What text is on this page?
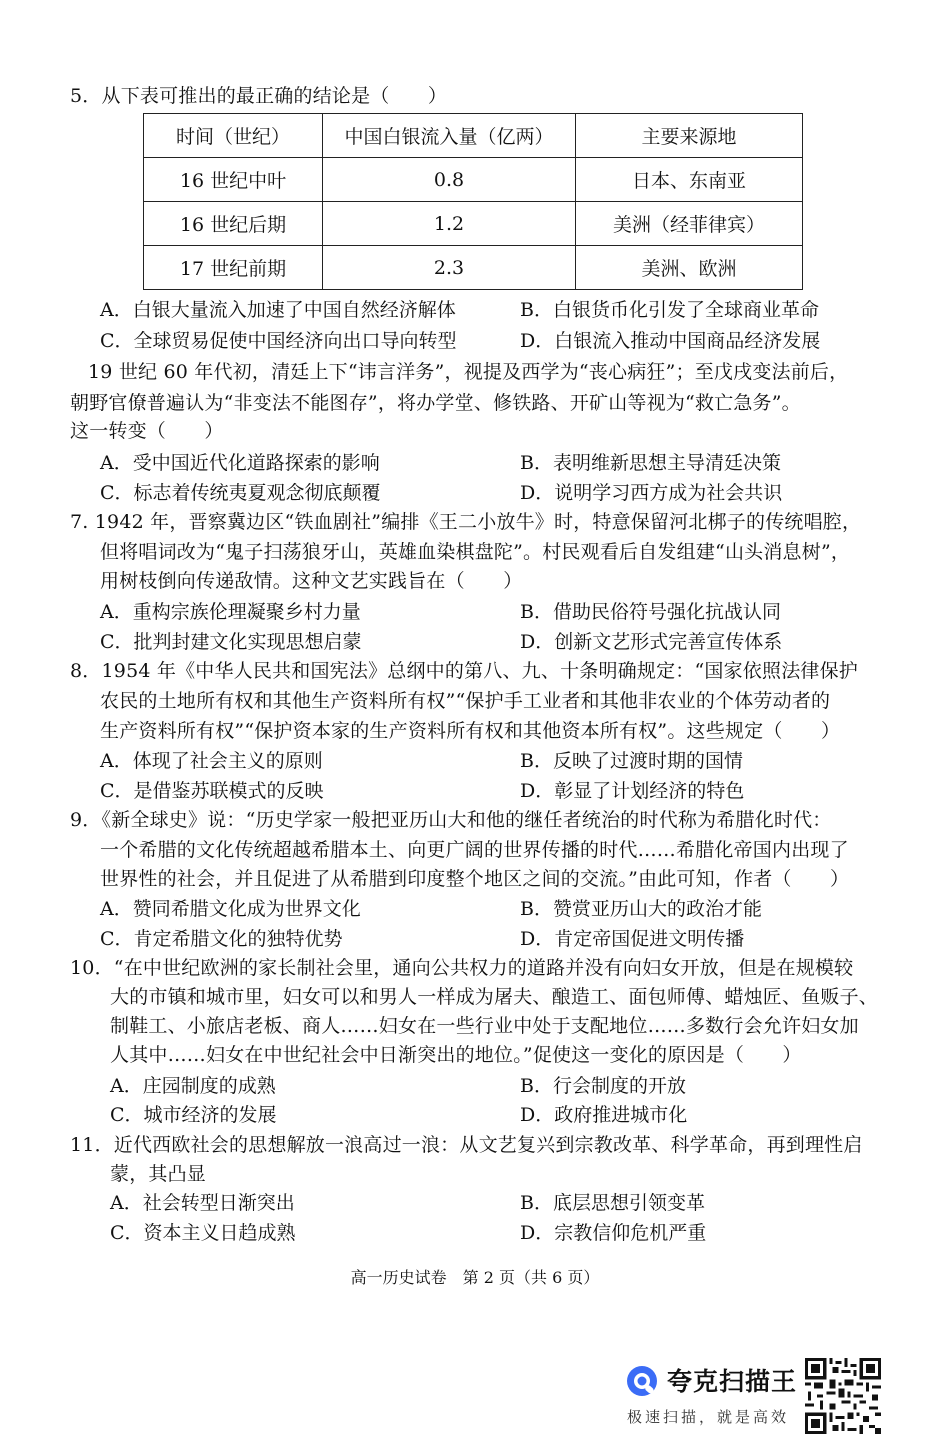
5．从下表可推出的最正确的结论是（　　）
时间（世纪）	中国白银流入量（亿两）	主要来源地
16 世纪中叶	0.8	日本、东南亚
16 世纪后期	1.2	美洲（经菲律宾）
17 世纪前期	2.3	美洲、欧洲
A．白银大量流入加速了中国自然经济解体	B．白银货币化引发了全球商业革命
C．全球贸易促使中国经济向出口导向转型	D．白银流入推动中国商品经济发展
19 世纪 60 年代初，清廷上下“讳言洋务”，视提及西学为“丧心病狂”；至戊戌变法前后，
朝野官僚普遍认为“非变法不能图存”，将办学堂、修铁路、开矿山等视为“救亡急务”。
这一转变（　　）
A．受中国近代化道路探索的影响	B．表明维新思想主导清廷决策
C．标志着传统夷夏观念彻底颠覆	D．说明学习西方成为社会共识
7. 1942 年，晋察冀边区“铁血剧社”编排《王二小放牛》时，特意保留河北梆子的传统唱腔，
但将唱词改为“鬼子扫荡狼牙山，英雄血染棋盘陀”。村民观看后自发组建“山头消息树”，
用树枝倒向传递敌情。这种文艺实践旨在（　　）
A．重构宗族伦理凝聚乡村力量	B．借助民俗符号强化抗战认同
C．批判封建文化实现思想启蒙	D．创新文艺形式完善宣传体系
8．1954 年《中华人民共和国宪法》总纲中的第八、九、十条明确规定：“国家依照法律保护
农民的土地所有权和其他生产资料所有权”“保护手工业者和其他非农业的个体劳动者的
生产资料所有权”“保护资本家的生产资料所有权和其他资本所有权”。这些规定（　　）
A．体现了社会主义的原则	B．反映了过渡时期的国情
C．是借鉴苏联模式的反映	D．彰显了计划经济的特色
9．《新全球史》说：“历史学家一般把亚历山大和他的继任者统治的时代称为希腊化时代：
一个希腊的文化传统超越希腊本土、向更广阔的世界传播的时代……希腊化帝国内出现了
世界性的社会，并且促进了从希腊到印度整个地区之间的交流。”由此可知，作者（　　）
A．赞同希腊文化成为世界文化	B．赞赏亚历山大的政治才能
C．肯定希腊文化的独特优势	D．肯定帝国促进文明传播
10．“在中世纪欧洲的家长制社会里，通向公共权力的道路并没有向妇女开放，但是在规模较
大的市镇和城市里，妇女可以和男人一样成为屠夫、酿造工、面包师傅、蜡烛匠、鱼贩子、
制鞋工、小旅店老板、商人……妇女在一些行业中处于支配地位……多数行会允许妇女加
人其中……妇女在中世纪社会中日渐突出的地位。”促使这一变化的原因是（　　）
A．庄园制度的成熟	B．行会制度的开放
C．城市经济的发展	D．政府推进城市化
11．近代西欧社会的思想解放一浪高过一浪：从文艺复兴到宗教改革、科学革命，再到理性启
蒙，其凸显
A．社会转型日渐突出	B．底层思想引领变革
C．资本主义日趋成熟	D．宗教信仰危机严重
高一历史试卷　第 2 页（共 6 页）
夸克扫描王
极速扫描，就是高效
